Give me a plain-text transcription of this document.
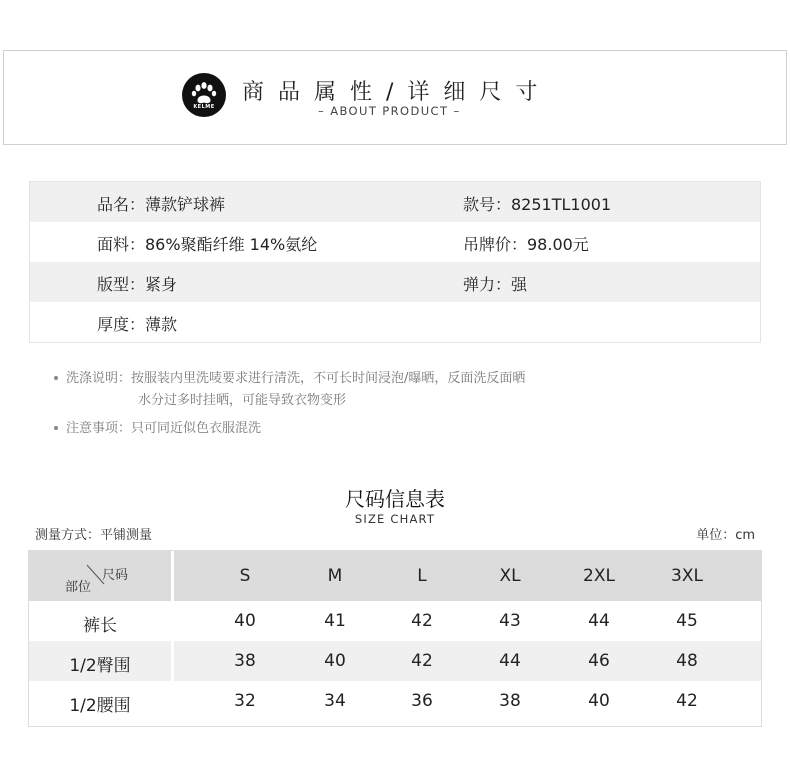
KELME
商品属性/详细尺寸
– ABOUT PRODUCT –
品名：薄款铲球裤	款号：8251TL1001
面料：86%聚酯纤维 14%氨纶	吊牌价：98.00元
版型：紧身	弹力：强
厚度：薄款
洗涤说明：按服装内里洗唛要求进行清洗，不可长时间浸泡/曝晒，反面洗反面晒
水分过多时挂晒，可能导致衣物变形
注意事项：只可同近似色衣服混洗
尺码信息表
SIZE CHART
测量方式：平铺测量	单位：cm
尺码
部位
S	M	L	XL	2XL	3XL
裤长	40	41	42	43	44	45
1/2臀围	38	40	42	44	46	48
1/2腰围	32	34	36	38	40	42
